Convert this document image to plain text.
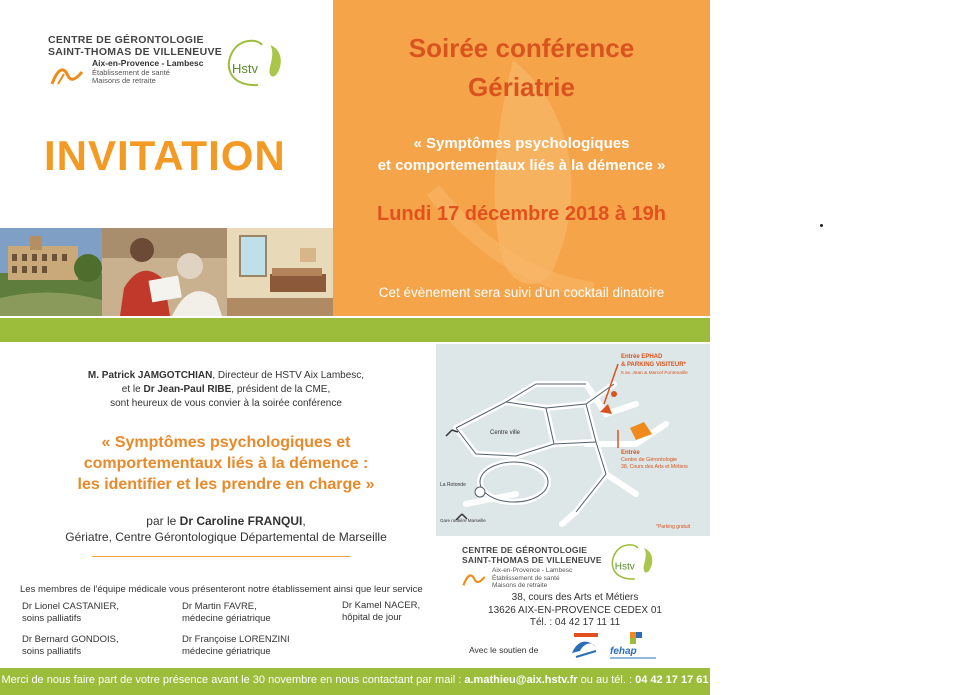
CENTRE DE GÉRONTOLOGIE
SAINT-THOMAS DE VILLENEUVE
Aix-en-Provence - Lambesc
Établissement de santé
Maisons de retraite
Hstv
INVITATION
Soirée conférence
Gériatrie
« Symptômes psychologiques
et comportementaux liés à la démence »
Lundi 17 décembre 2018 à 19h
Cet évènement sera suivi d'un cocktail dinatoire
M. Patrick JAMGOTCHIAN, Directeur de HSTV Aix Lambesc,
et le Dr Jean-Paul RIBE, président de la CME,
sont heureux de vous convier à la soirée conférence
« Symptômes psychologiques et
comportementaux liés à la démence :
les identifier et les prendre en charge »
par le Dr Caroline FRANQUI,
Gériatre, Centre Gérontologique Départemental de Marseille
Les membres de l'équipe médicale vous présenteront notre établissement ainsi que leur service
Dr Lionel CASTANIER,
soins palliatifs
Dr Martin FAVRE,
médecine gériatrique
Dr Kamel NACER,
hôpital de jour
Dr Bernard GONDOIS,
soins palliatifs
Dr Françoise LORENZINI
médecine gériatrique
Entrée EPHAD
& PARKING VISITEUR*
5 av. Jean & Marcel Fontenaille
Entrée
Centre de Gérontologie
38, Cours des Arts et Métiers
Centre ville
La Rotonde
Gare routière Marseille
*Parking gratuit
CENTRE DE GÉRONTOLOGIE
SAINT-THOMAS DE VILLENEUVE
Aix-en-Provence - Lambesc
Établissement de santé
Maisons de retraite
Hstv
38, cours des Arts et Métiers
13626 AIX-EN-PROVENCE CEDEX 01
Tél. : 04 42 17 11 11
Avec le soutien de	fehap
Merci de nous faire part de votre présence avant le 30 novembre en nous contactant par mail : a.mathieu@aix.hstv.fr ou au tél. : 04 42 17 17 61
